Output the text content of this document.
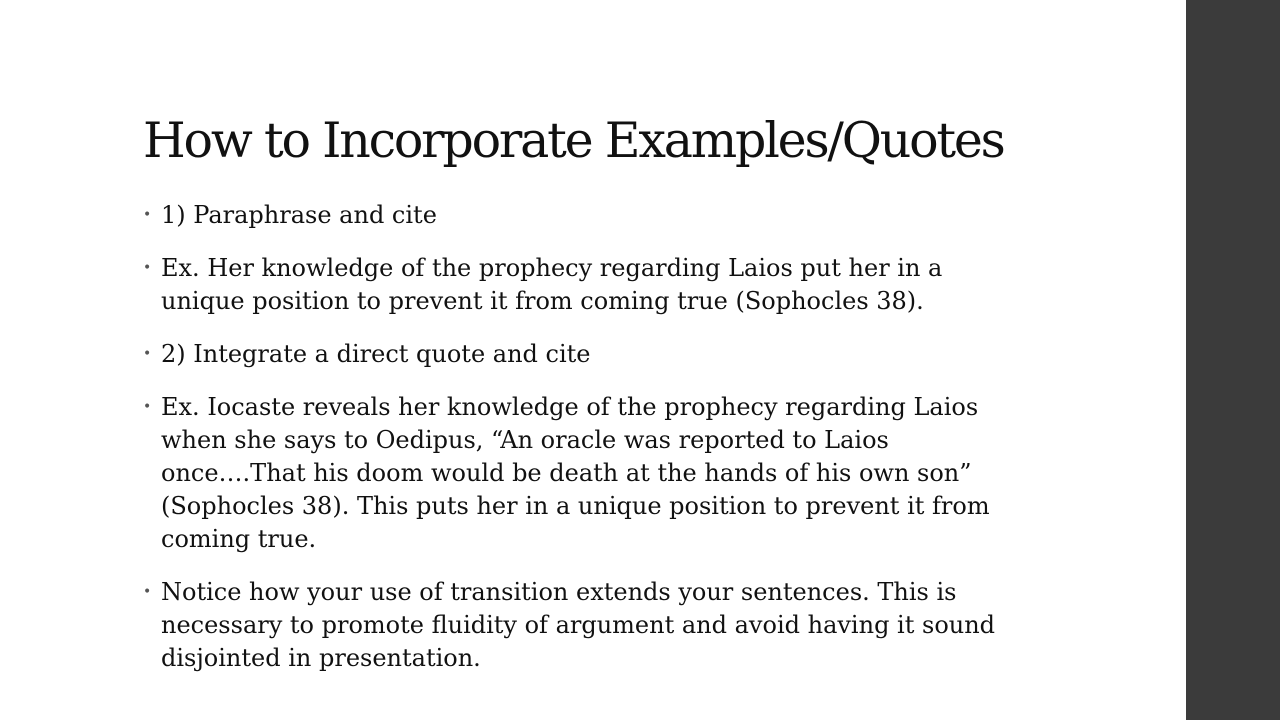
How to Incorporate Examples/Quotes
• 1) Paraphrase and cite
• Ex. Her knowledge of the prophecy regarding Laios put her in a unique position to prevent it from coming true (Sophocles 38).
• 2) Integrate a direct quote and cite
• Ex. Iocaste reveals her knowledge of the prophecy regarding Laios when she says to Oedipus, “An oracle was reported to Laios once….That his doom would be death at the hands of his own son” (Sophocles 38). This puts her in a unique position to prevent it from coming true.
• Notice how your use of transition extends your sentences. This is necessary to promote fluidity of argument and avoid having it sound disjointed in presentation.
